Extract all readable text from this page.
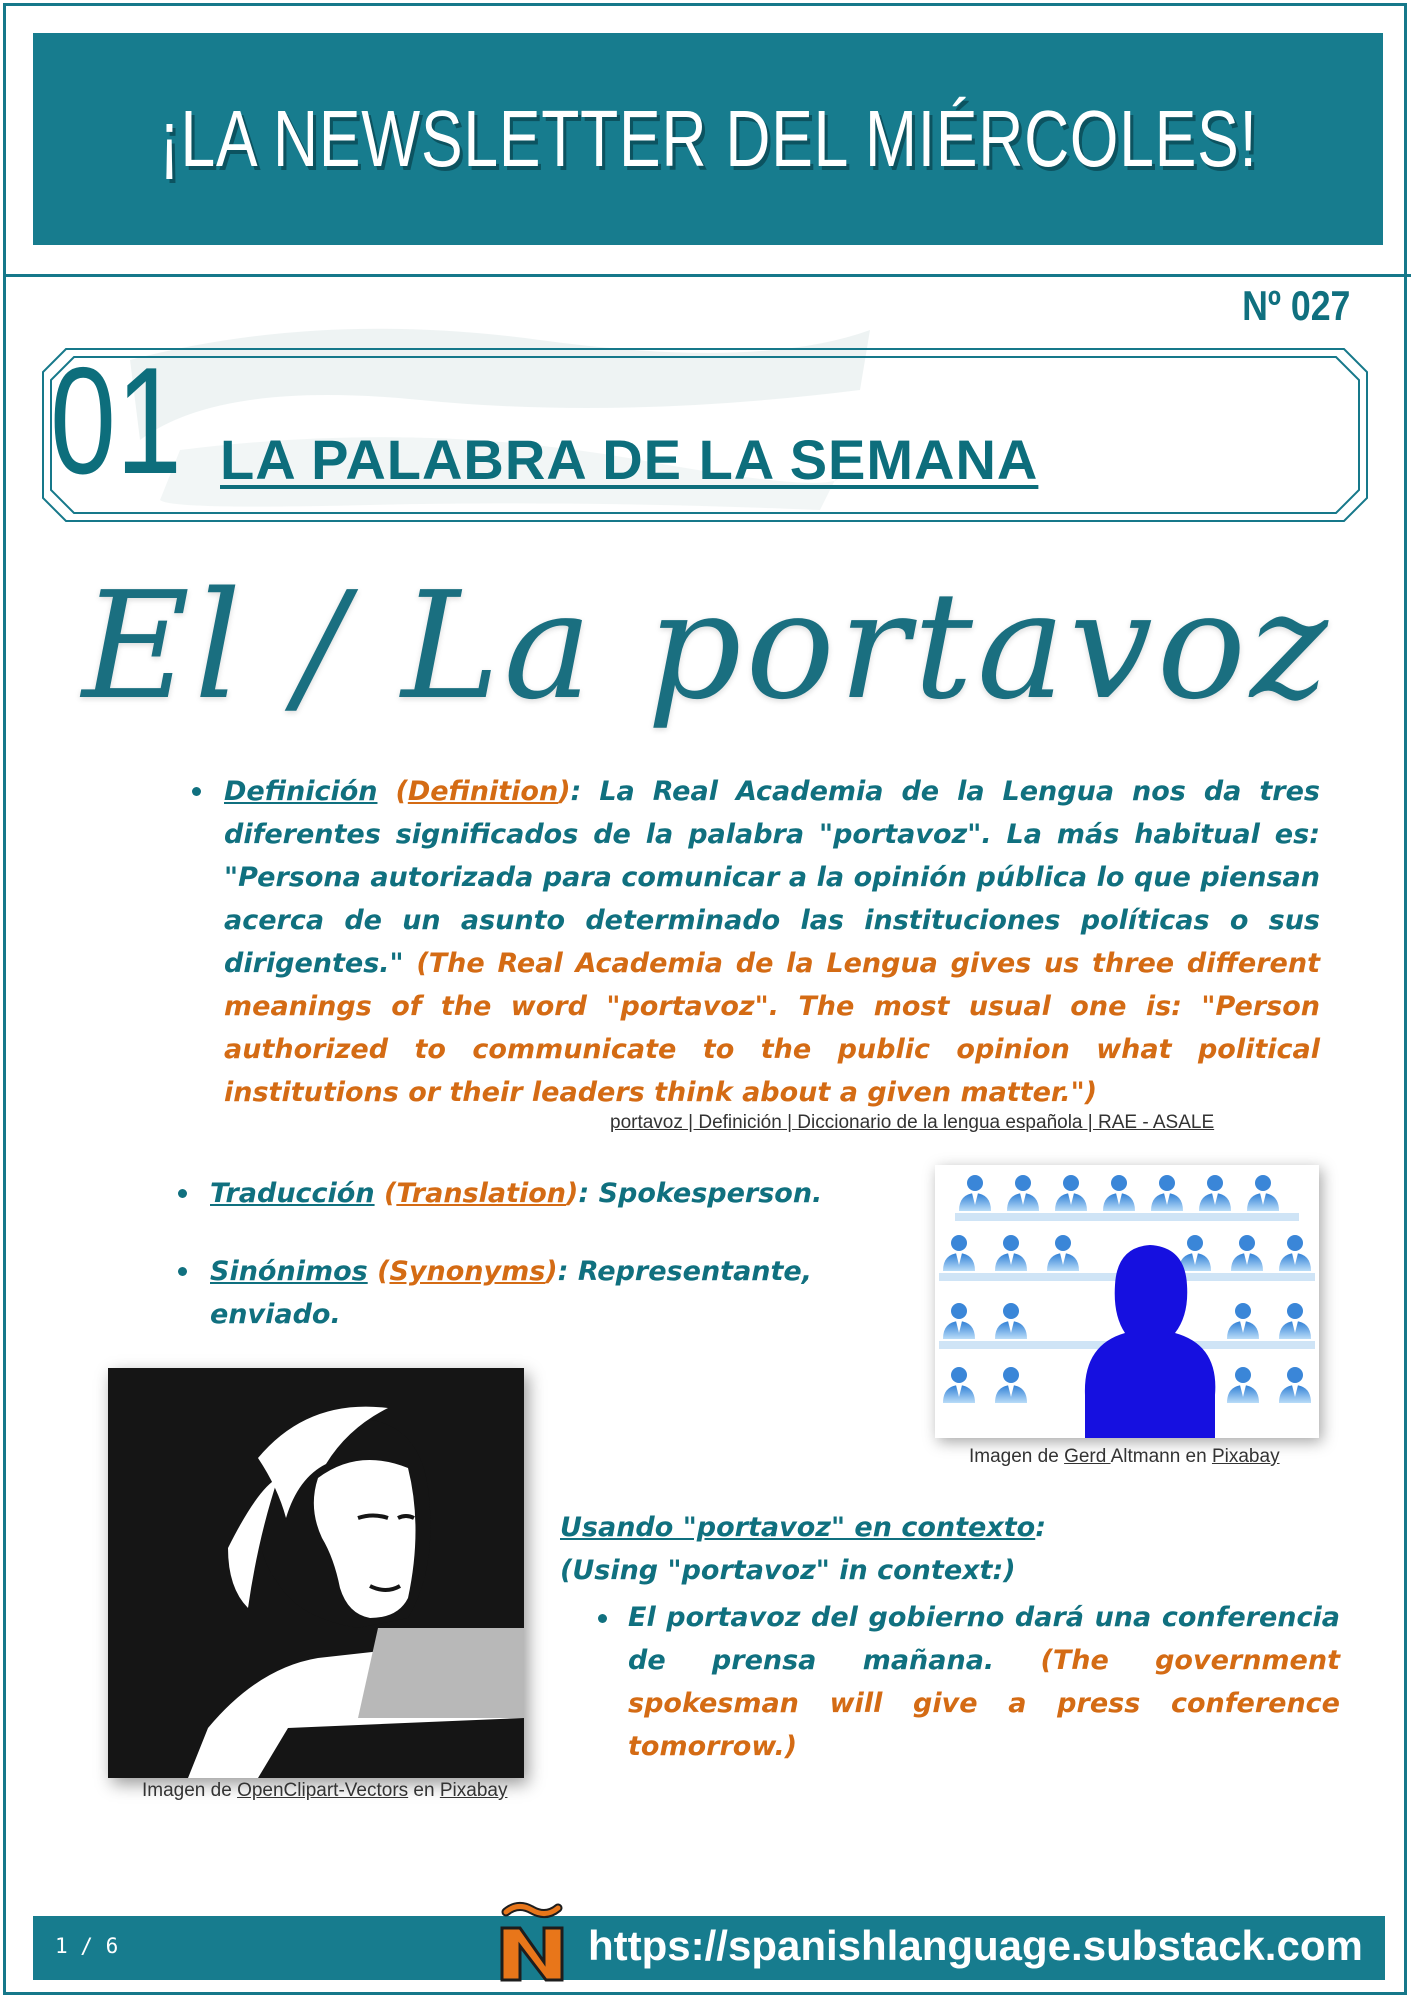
¡LA NEWSLETTER DEL MIÉRCOLES!
Nº 027
01 LA PALABRA DE LA SEMANA
El / La portavoz
Definición (Definition): La Real Academia de la Lengua nos da tres diferentes significados de la palabra "portavoz". La más habitual es: "Persona autorizada para comunicar a la opinión pública lo que piensan acerca de un asunto determinado las instituciones políticas o sus dirigentes." (The Real Academia de la Lengua gives us three different meanings of the word "portavoz". The most usual one is: "Person authorized to communicate to the public opinion what political institutions or their leaders think about a given matter.")
portavoz | Definición | Diccionario de la lengua española | RAE - ASALE
Traducción (Translation): Spokesperson.
Sinónimos (Synonyms): Representante, enviado.
Imagen de Gerd Altmann en Pixabay
Imagen de OpenClipart-Vectors en Pixabay
Usando "portavoz" en contexto:
(Using "portavoz" in context:)
El portavoz del gobierno dará una conferencia de prensa mañana. (The government spokesman will give a press conference tomorrow.)
1 / 6	https://spanishlanguage.substack.com
